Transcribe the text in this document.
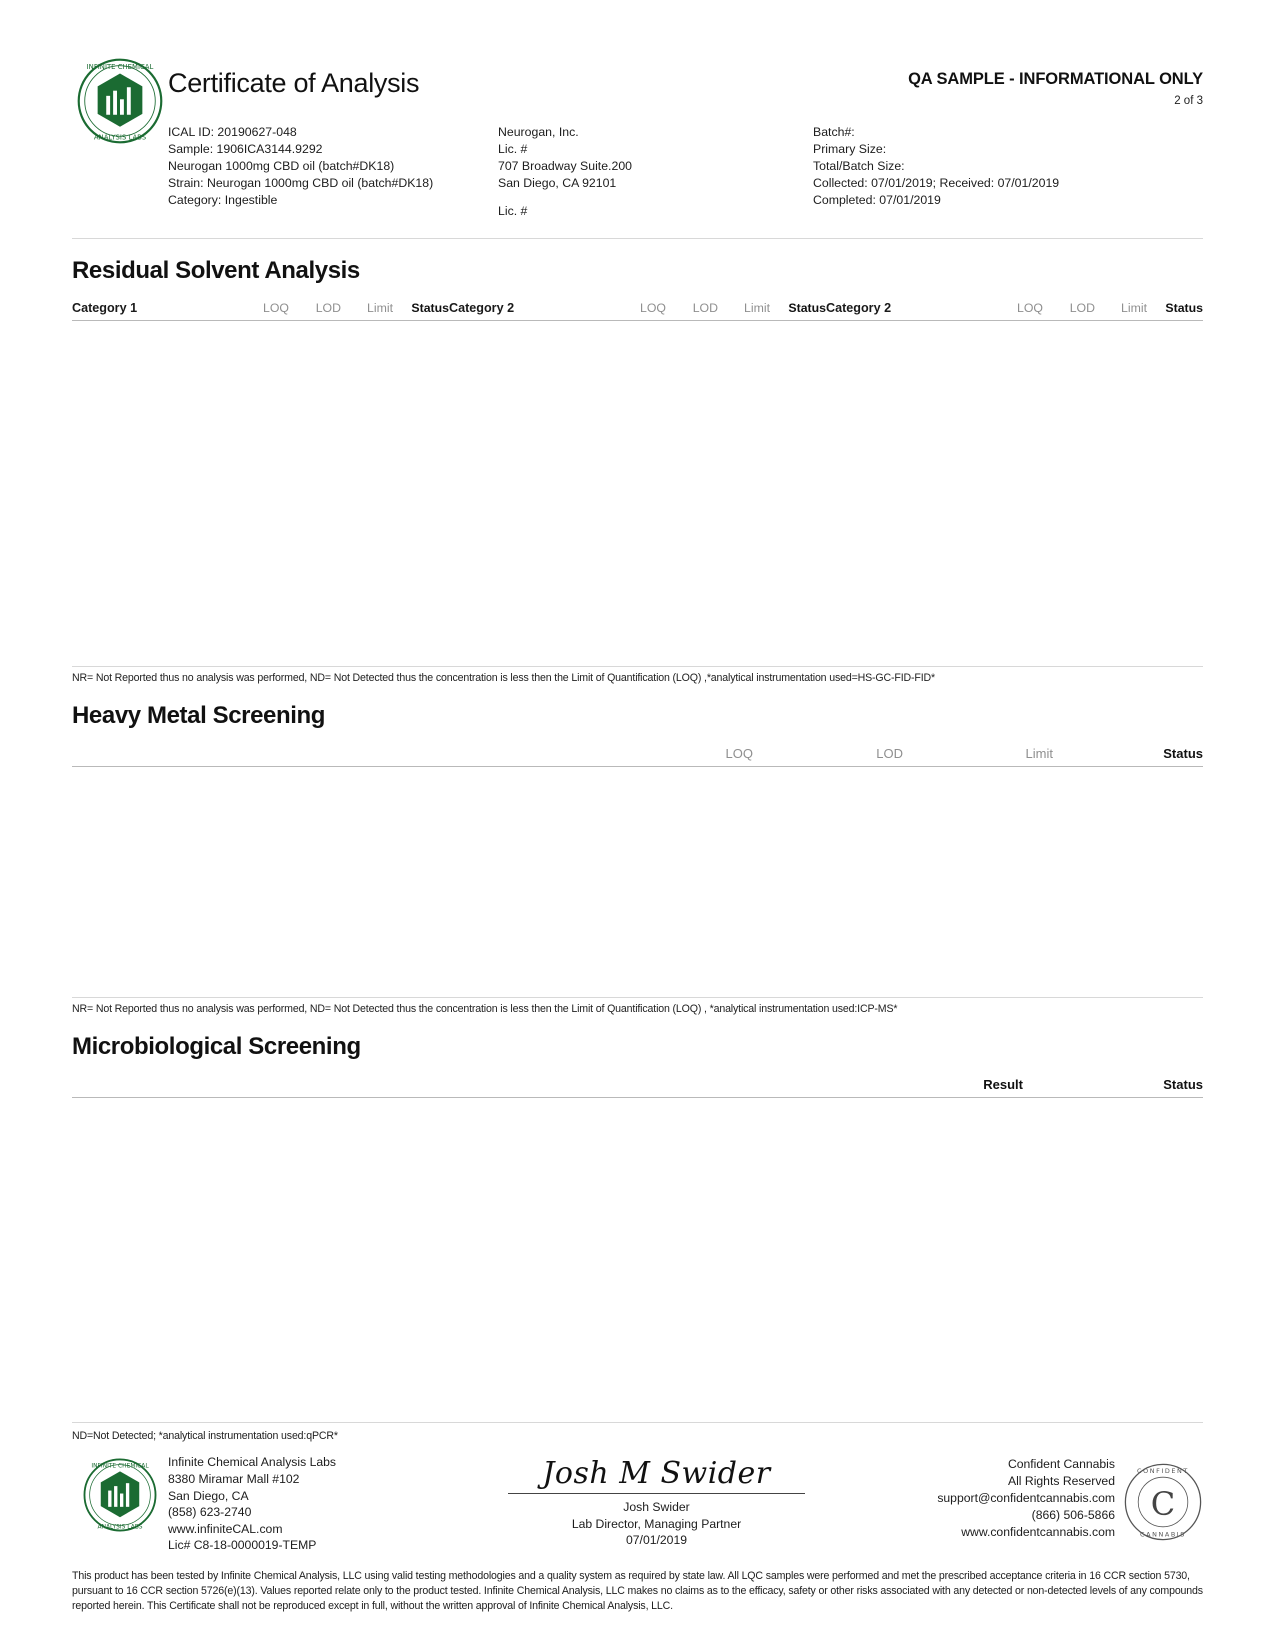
INFINITE CHEMICAL
ANALYSIS LABS
Certificate of Analysis	QA SAMPLE - INFORMATIONAL ONLY
2 of 3
ICAL ID: 20190627-048
Sample: 1906ICA3144.9292
Neurogan 1000mg CBD oil (batch#DK18)
Strain: Neurogan 1000mg CBD oil (batch#DK18)
Category: Ingestible
Neurogan, Inc.
Lic. #
707 Broadway Suite.200
San Diego, CA 92101
Lic. #
Batch#:
Primary Size:
Total/Batch Size:
Collected: 07/01/2019; Received: 07/01/2019
Completed: 07/01/2019
Residual Solvent Analysis
Category 1	LOQ	LOD	Limit	Status Category 2	LOQ	LOD	Limit	Status Category 2	LOQ	LOD	Limit	Status
NR= Not Reported thus no analysis was performed, ND= Not Detected thus the concentration is less then the Limit of Quantification (LOQ) ,*analytical instrumentation used=HS-GC-FID-FID*
Heavy Metal Screening
LOQ	LOD	Limit	Status
NR= Not Reported thus no analysis was performed, ND= Not Detected thus the concentration is less then the Limit of Quantification (LOQ) , *analytical instrumentation used:ICP-MS*
Microbiological Screening
Result	Status
ND=Not Detected; *analytical instrumentation used:qPCR*
INFINITE CHEMICAL
ANALYSIS LABS
Infinite Chemical Analysis Labs
8380 Miramar Mall #102
San Diego, CA
(858) 623-2740
www.infiniteCAL.com
Lic# C8-18-0000019-TEMP
Josh M Swider
Josh Swider
Lab Director, Managing Partner
07/01/2019
Confident Cannabis
All Rights Reserved
support@confidentcannabis.com
(866) 506-5866
www.confidentcannabis.com
C
CONFIDENT
CANNABIS
This product has been tested by Infinite Chemical Analysis, LLC using valid testing methodologies and a quality system as required by state law. All LQC samples were performed and met the prescribed acceptance criteria in 16 CCR section 5730, pursuant to 16 CCR section 5726(e)(13). Values reported relate only to the product tested. Infinite Chemical Analysis, LLC makes no claims as to the efficacy, safety or other risks associated with any detected or non-detected levels of any compounds reported herein. This Certificate shall not be reproduced except in full, without the written approval of Infinite Chemical Analysis, LLC.
